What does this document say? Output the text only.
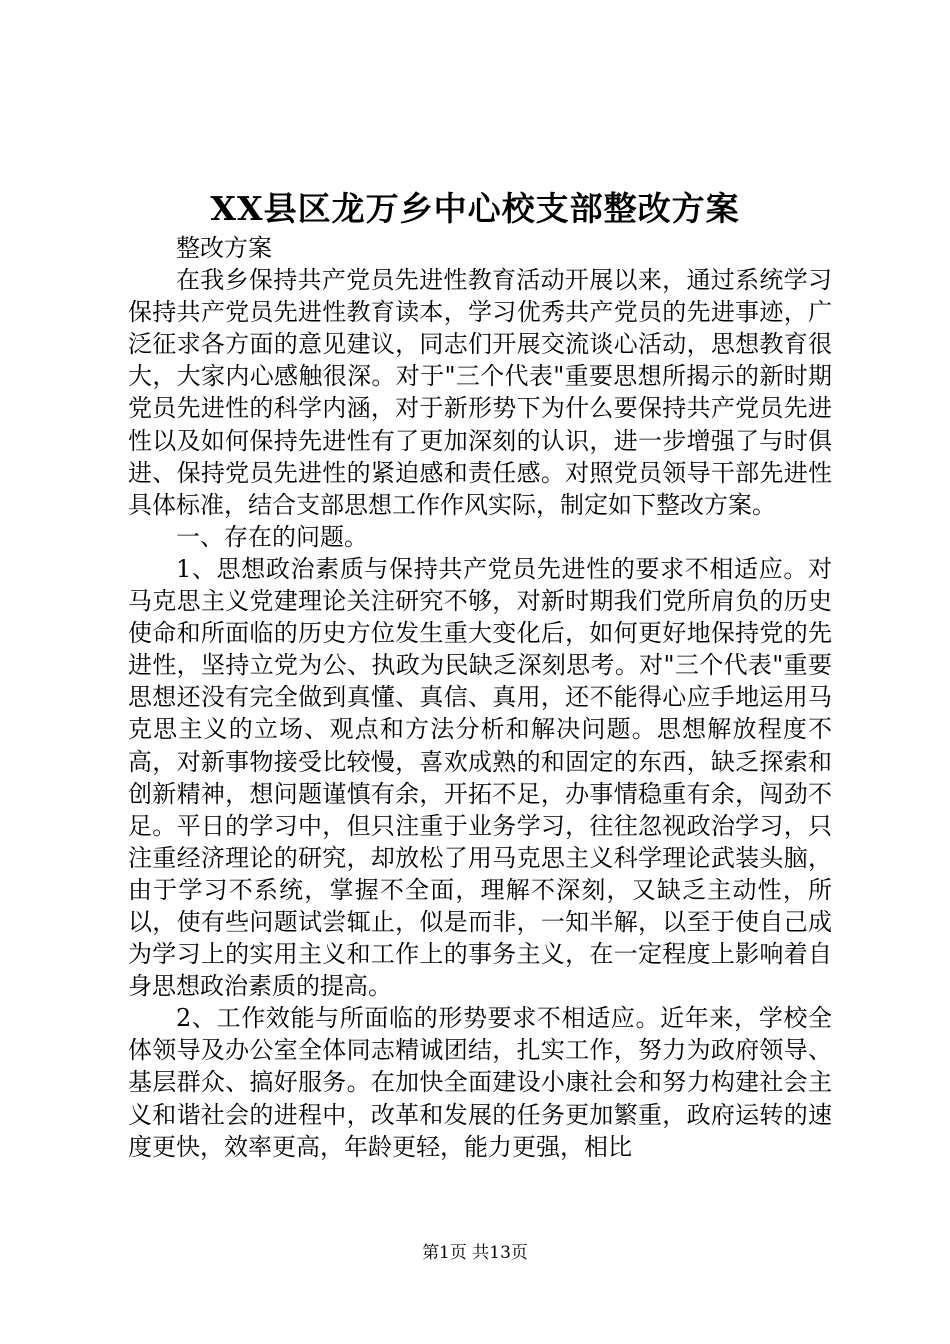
XX县区龙万乡中心校支部整改方案

整改方案

在我乡保持共产党员先进性教育活动开展以来，通过系统学习保持共产党员先进性教育读本，学习优秀共产党员的先进事迹，广泛征求各方面的意见建议，同志们开展交流谈心活动，思想教育很大，大家内心感触很深。对于"三个代表"重要思想所揭示的新时期党员先进性的科学内涵，对于新形势下为什么要保持共产党员先进性以及如何保持先进性有了更加深刻的认识，进一步增强了与时俱进、保持党员先进性的紧迫感和责任感。对照党员领导干部先进性具体标准，结合支部思想工作作风实际，制定如下整改方案。

一、存在的问题。

1、思想政治素质与保持共产党员先进性的要求不相适应。对马克思主义党建理论关注研究不够，对新时期我们党所肩负的历史使命和所面临的历史方位发生重大变化后，如何更好地保持党的先进性，坚持立党为公、执政为民缺乏深刻思考。对"三个代表"重要思想还没有完全做到真懂、真信、真用，还不能得心应手地运用马克思主义的立场、观点和方法分析和解决问题。思想解放程度不高，对新事物接受比较慢，喜欢成熟的和固定的东西，缺乏探索和创新精神，想问题谨慎有余，开拓不足，办事情稳重有余，闯劲不足。平日的学习中，但只注重于业务学习，往往忽视政治学习，只注重经济理论的研究，却放松了用马克思主义科学理论武装头脑，由于学习不系统，掌握不全面，理解不深刻，又缺乏主动性，所以，使有些问题试尝辄止，似是而非，一知半解，以至于使自己成为学习上的实用主义和工作上的事务主义，在一定程度上影响着自身思想政治素质的提高。

2、工作效能与所面临的形势要求不相适应。近年来，学校全体领导及办公室全体同志精诚团结，扎实工作，努力为政府领导、基层群众、搞好服务。在加快全面建设小康社会和努力构建社会主义和谐社会的进程中，改革和发展的任务更加繁重，政府运转的速度更快，效率更高，年龄更轻，能力更强，相比

第1页 共13页
